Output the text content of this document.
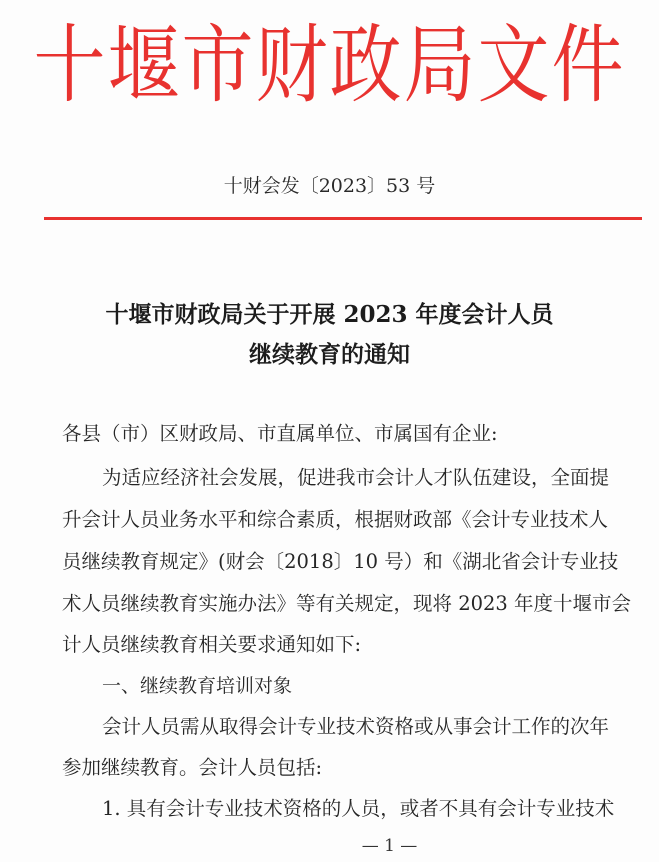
十堰市财政局文件
十财会发〔2023〕53 号
十堰市财政局关于开展 2023 年度会计人员
继续教育的通知
各县（市）区财政局、市直属单位、市属国有企业:
为适应经济社会发展，促进我市会计人才队伍建设，全面提
升会计人员业务水平和综合素质，根据财政部《会计专业技术人
员继续教育规定》(财会〔2018〕10 号）和《湖北省会计专业技
术人员继续教育实施办法》等有关规定，现将 2023 年度十堰市会
计人员继续教育相关要求通知如下:
一、继续教育培训对象
会计人员需从取得会计专业技术资格或从事会计工作的次年
参加继续教育。会计人员包括:
1. 具有会计专业技术资格的人员，或者不具有会计专业技术
— 1 —
